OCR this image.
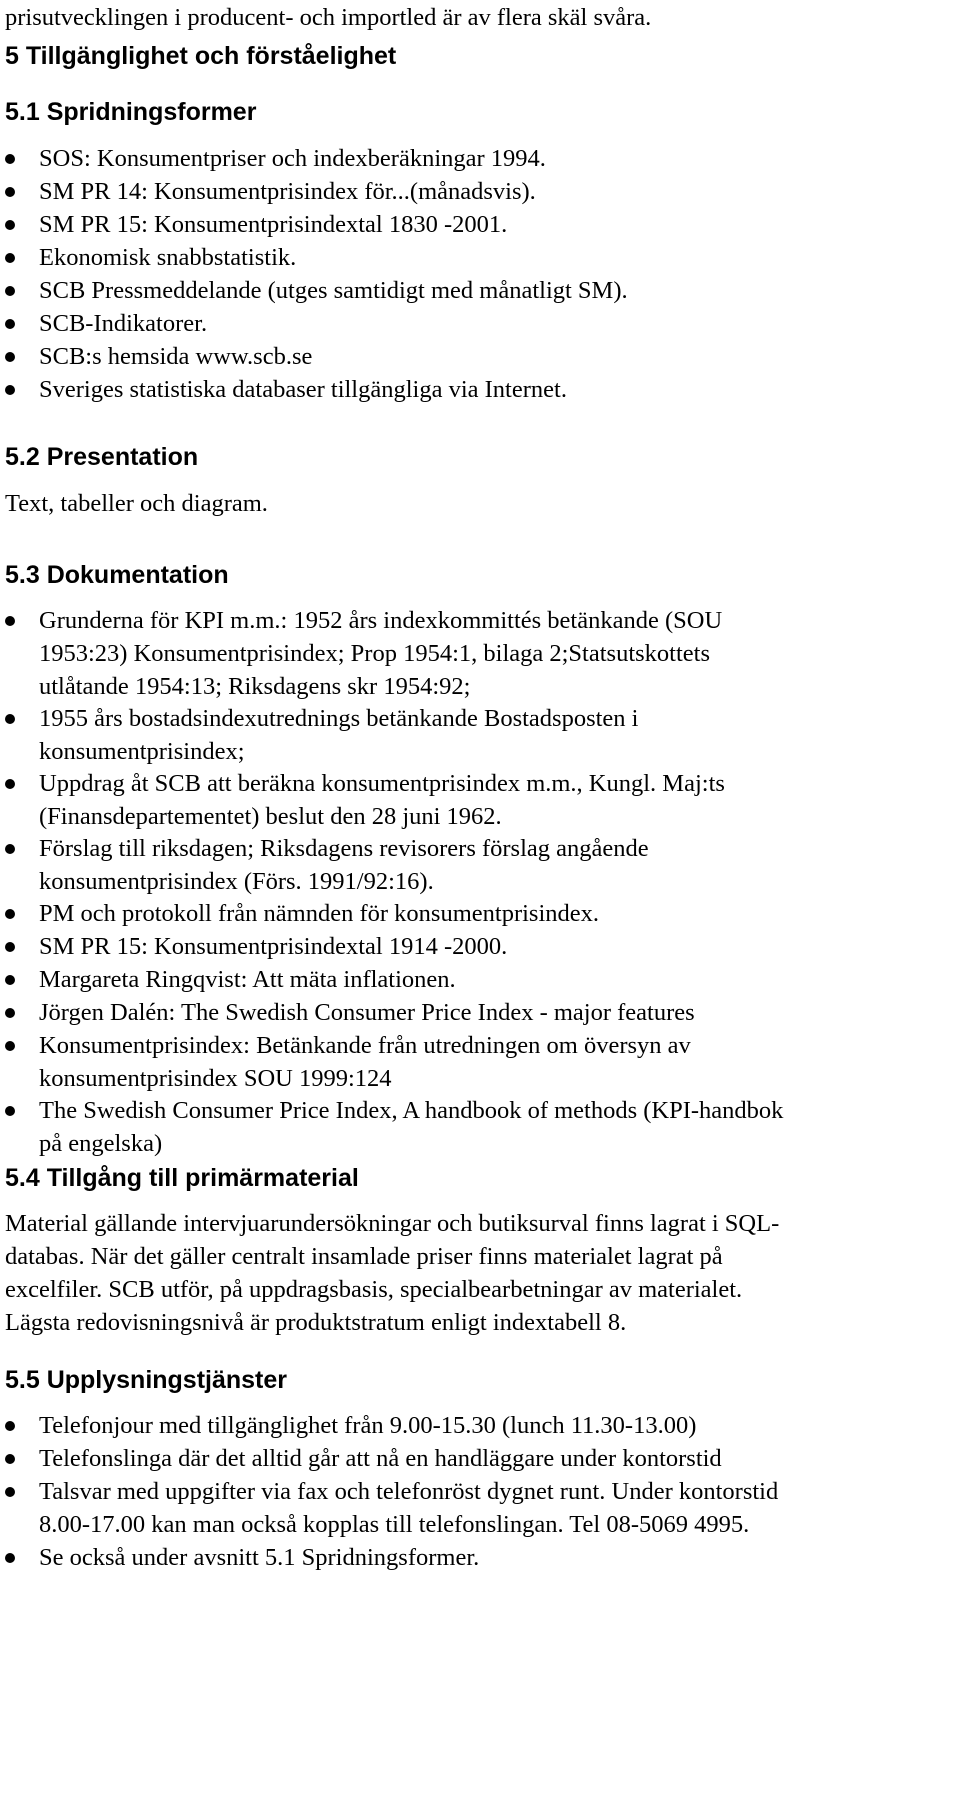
prisutvecklingen i producent- och importled är av flera skäl svåra.
5 Tillgänglighet och förståelighet
5.1 Spridningsformer
SOS: Konsumentpriser och indexberäkningar 1994.
SM PR 14: Konsumentprisindex för...(månadsvis).
SM PR 15: Konsumentprisindextal 1830 -2001.
Ekonomisk snabbstatistik.
SCB Pressmeddelande (utges samtidigt med månatligt SM).
SCB-Indikatorer.
SCB:s hemsida www.scb.se
Sveriges statistiska databaser tillgängliga via Internet.
5.2 Presentation
Text, tabeller och diagram.
5.3 Dokumentation
Grunderna för KPI m.m.: 1952 års indexkommittés betänkande (SOU
1953:23) Konsumentprisindex; Prop 1954:1, bilaga 2;Statsutskottets
utlåtande 1954:13; Riksdagens skr 1954:92;
1955 års bostadsindexutrednings betänkande Bostadsposten i
konsumentprisindex;
Uppdrag åt SCB att beräkna konsumentprisindex m.m., Kungl. Maj:ts
(Finansdepartementet) beslut den 28 juni 1962.
Förslag till riksdagen; Riksdagens revisorers förslag angående
konsumentprisindex (Förs. 1991/92:16).
PM och protokoll från nämnden för konsumentprisindex.
SM PR 15: Konsumentprisindextal 1914 -2000.
Margareta Ringqvist: Att mäta inflationen.
Jörgen Dalén: The Swedish Consumer Price Index - major features
Konsumentprisindex: Betänkande från utredningen om översyn av
konsumentprisindex SOU 1999:124
The Swedish Consumer Price Index, A handbook of methods (KPI-handbok
på engelska)
5.4 Tillgång till primärmaterial
Material gällande intervjuarundersökningar och butiksurval finns lagrat i SQL-
databas. När det gäller centralt insamlade priser finns materialet lagrat på
excelfiler. SCB utför, på uppdragsbasis, specialbearbetningar av materialet.
Lägsta redovisningsnivå är produktstratum enligt indextabell 8.
5.5 Upplysningstjänster
Telefonjour med tillgänglighet från 9.00-15.30 (lunch 11.30-13.00)
Telefonslinga där det alltid går att nå en handläggare under kontorstid
Talsvar med uppgifter via fax och telefonröst dygnet runt. Under kontorstid
8.00-17.00 kan man också kopplas till telefonslingan. Tel 08-5069 4995.
Se också under avsnitt 5.1 Spridningsformer.
